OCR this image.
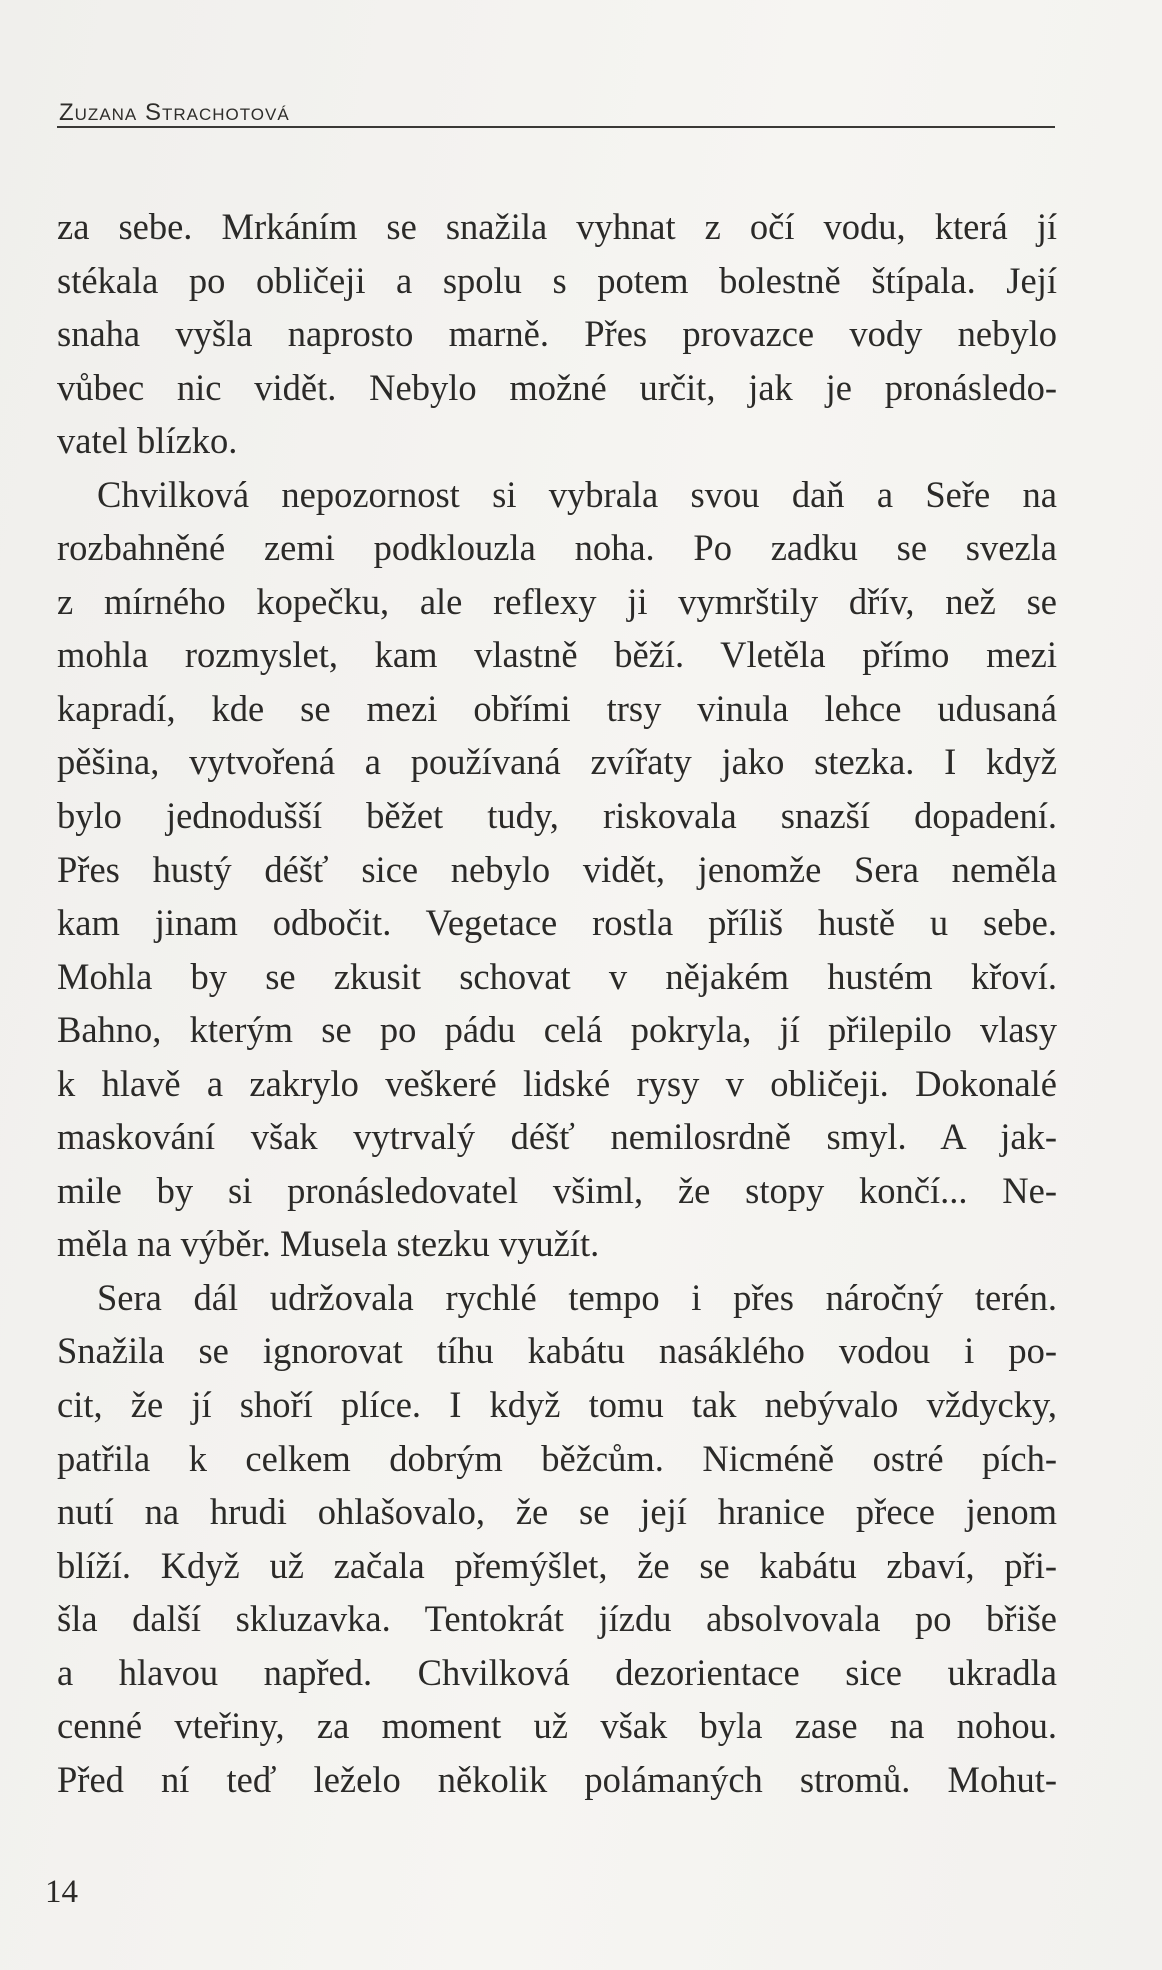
Zuzana Strachotová
za sebe. Mrkáním se snažila vyhnat z očí vodu, která jí
stékala po obličeji a spolu s potem bolestně štípala. Její
snaha vyšla naprosto marně. Přes provazce vody nebylo
vůbec nic vidět. Nebylo možné určit, jak je pronásledo-
vatel blízko.
Chvilková nepozornost si vybrala svou daň a Seře na
rozbahněné zemi podklouzla noha. Po zadku se svezla
z mírného kopečku, ale reflexy ji vymrštily dřív, než se
mohla rozmyslet, kam vlastně běží. Vletěla přímo mezi
kapradí, kde se mezi obřími trsy vinula lehce udusaná
pěšina, vytvořená a používaná zvířaty jako stezka. I když
bylo jednodušší běžet tudy, riskovala snazší dopadení.
Přes hustý déšť sice nebylo vidět, jenomže Sera neměla
kam jinam odbočit. Vegetace rostla příliš hustě u sebe.
Mohla by se zkusit schovat v nějakém hustém křoví.
Bahno, kterým se po pádu celá pokryla, jí přilepilo vlasy
k hlavě a zakrylo veškeré lidské rysy v obličeji. Dokonalé
maskování však vytrvalý déšť nemilosrdně smyl. A jak-
mile by si pronásledovatel všiml, že stopy končí... Ne-
měla na výběr. Musela stezku využít.
Sera dál udržovala rychlé tempo i přes náročný terén.
Snažila se ignorovat tíhu kabátu nasáklého vodou i po-
cit, že jí shoří plíce. I když tomu tak nebývalo vždycky,
patřila k celkem dobrým běžcům. Nicméně ostré pích-
nutí na hrudi ohlašovalo, že se její hranice přece jenom
blíží. Když už začala přemýšlet, že se kabátu zbaví, při-
šla další skluzavka. Tentokrát jízdu absolvovala po břiše
a hlavou napřed. Chvilková dezorientace sice ukradla
cenné vteřiny, za moment už však byla zase na nohou.
Před ní teď leželo několik polámaných stromů. Mohut-
14
